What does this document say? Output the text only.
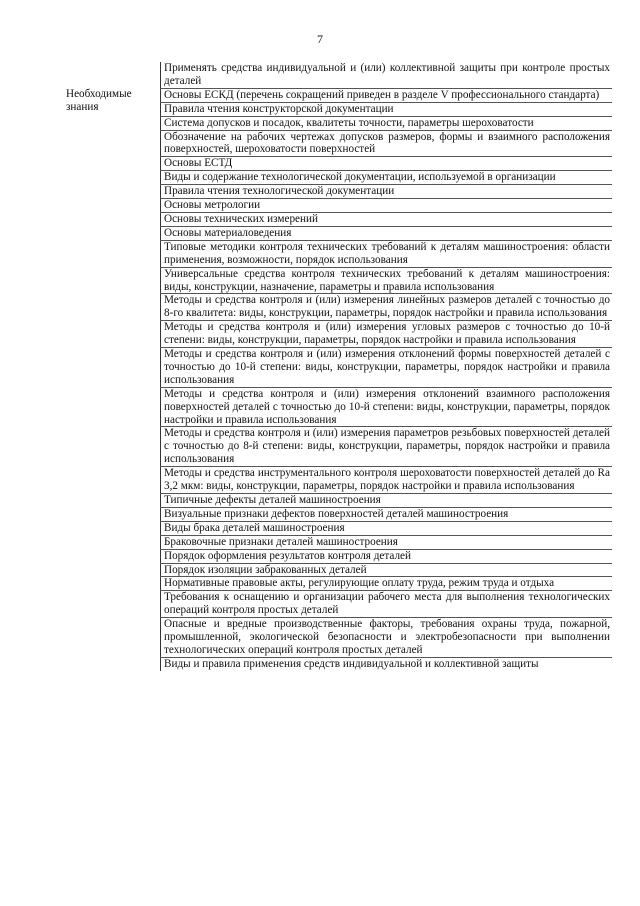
7

	Применять средства индивидуальной и (или) коллективной защиты при контроле простых деталей

Необходимые знания	Основы ЕСКД (перечень сокращений приведен в разделе V профессионального стандарта)

	Правила чтения конструкторской документации

	Система допусков и посадок, квалитеты точности, параметры шероховатости

	Обозначение на рабочих чертежах допусков размеров, формы и взаимного расположения поверхностей, шероховатости поверхностей

	Основы ЕСТД

	Виды и содержание технологической документации, используемой в организации

	Правила чтения технологической документации

	Основы метрологии

	Основы технических измерений

	Основы материаловедения

	Типовые методики контроля технических требований к деталям машиностроения: области применения, возможности, порядок использования

	Универсальные средства контроля технических требований к деталям машиностроения: виды, конструкции, назначение, параметры и правила использования

	Методы и средства контроля и (или) измерения линейных размеров деталей с точностью до 8-го квалитета: виды, конструкции, параметры, порядок настройки и правила использования

	Методы и средства контроля и (или) измерения угловых размеров с точностью до 10-й степени: виды, конструкции, параметры, порядок настройки и правила использования

	Методы и средства контроля и (или) измерения отклонений формы поверхностей деталей с точностью до 10-й степени: виды, конструкции, параметры, порядок настройки и правила использования

	Методы и средства контроля и (или) измерения отклонений взаимного расположения поверхностей деталей с точностью до 10-й степени: виды, конструкции, параметры, порядок настройки и правила использования

	Методы и средства контроля и (или) измерения параметров резьбовых поверхностей деталей с точностью до 8-й степени: виды, конструкции, параметры, порядок настройки и правила использования

	Методы и средства инструментального контроля шероховатости поверхностей деталей до Ra 3,2 мкм: виды, конструкции, параметры, порядок настройки и правила использования

	Типичные дефекты деталей машиностроения

	Визуальные признаки дефектов поверхностей деталей машиностроения

	Виды брака деталей машиностроения

	Браковочные признаки деталей машиностроения

	Порядок оформления результатов контроля деталей

	Порядок изоляции забракованных деталей

	Нормативные правовые акты, регулирующие оплату труда, режим труда и отдыха

	Требования к оснащению и организации рабочего места для выполнения технологических операций контроля простых деталей

	Опасные и вредные производственные факторы, требования охраны труда, пожарной, промышленной, экологической безопасности и электробезопасности при выполнении технологических операций контроля простых деталей

	Виды и правила применения средств индивидуальной и коллективной защиты
